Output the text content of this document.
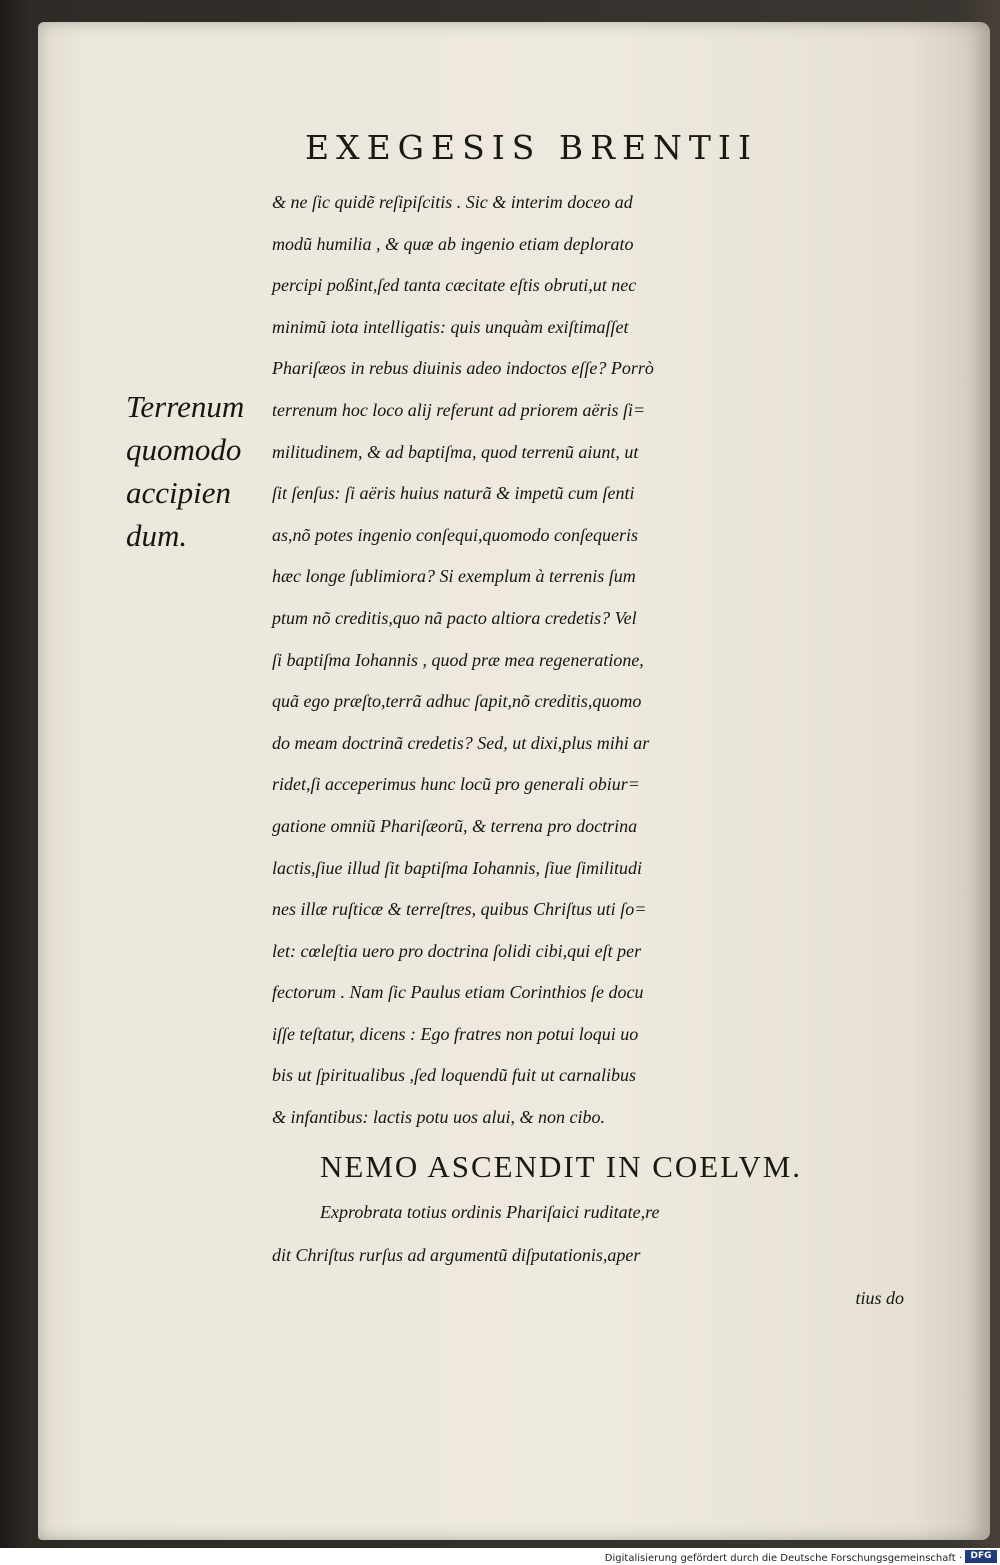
EXEGESIS BRENTII
Terrenum
quomodo
accipien
dum.
& ne ſic quidẽ reſipiſcitis . Sic & interim doceo ad
modũ humilia , & quæ ab ingenio etiam deplorato
percipi poßint,ſed tanta cæcitate eſtis obruti,ut nec
minimũ iota intelligatis: quis unquàm exiſtimaſſet
Phariſæos in rebus diuinis adeo indoctos eſſe? Porrò
terrenum hoc loco alij referunt ad priorem aëris ſi=
militudinem, & ad baptiſma, quod terrenũ aiunt, ut
ſit ſenſus: ſi aëris huius naturã & impetũ cum ſenti
as,nõ potes ingenio conſequi,quomodo conſequeris
hæc longe ſublimiora? Si exemplum à terrenis ſum
ptum nõ creditis,quo nã pacto altiora credetis? Vel
ſi baptiſma Iohannis , quod præ mea regeneratione,
quã ego præſto,terrã adhuc ſapit,nõ creditis,quomo
do meam doctrinã credetis? Sed, ut dixi,plus mihi ar
ridet,ſi acceperimus hunc locũ pro generali obiur=
gatione omniũ Phariſæorũ, & terrena pro doctrina
lactis,ſiue illud ſit baptiſma Iohannis, ſiue ſimilitudi
nes illæ ruſticæ & terreſtres, quibus Chriſtus uti ſo=
let: cœleſtia uero pro doctrina ſolidi cibi,qui eſt per
fectorum . Nam ſic Paulus etiam Corinthios ſe docu
iſſe teſtatur, dicens : Ego fratres non potui loqui uo
bis ut ſpiritualibus ,ſed loquendũ fuit ut carnalibus
& infantibus: lactis potu uos alui, & non cibo.
NEMO ASCENDIT IN COELVM.
Exprobrata totius ordinis Phariſaici ruditate,re
dit Chriſtus rurſus ad argumentũ diſputationis,aper
tius do
Digitalisierung gefördert durch die Deutsche Forschungsgemeinschaft · DFG
